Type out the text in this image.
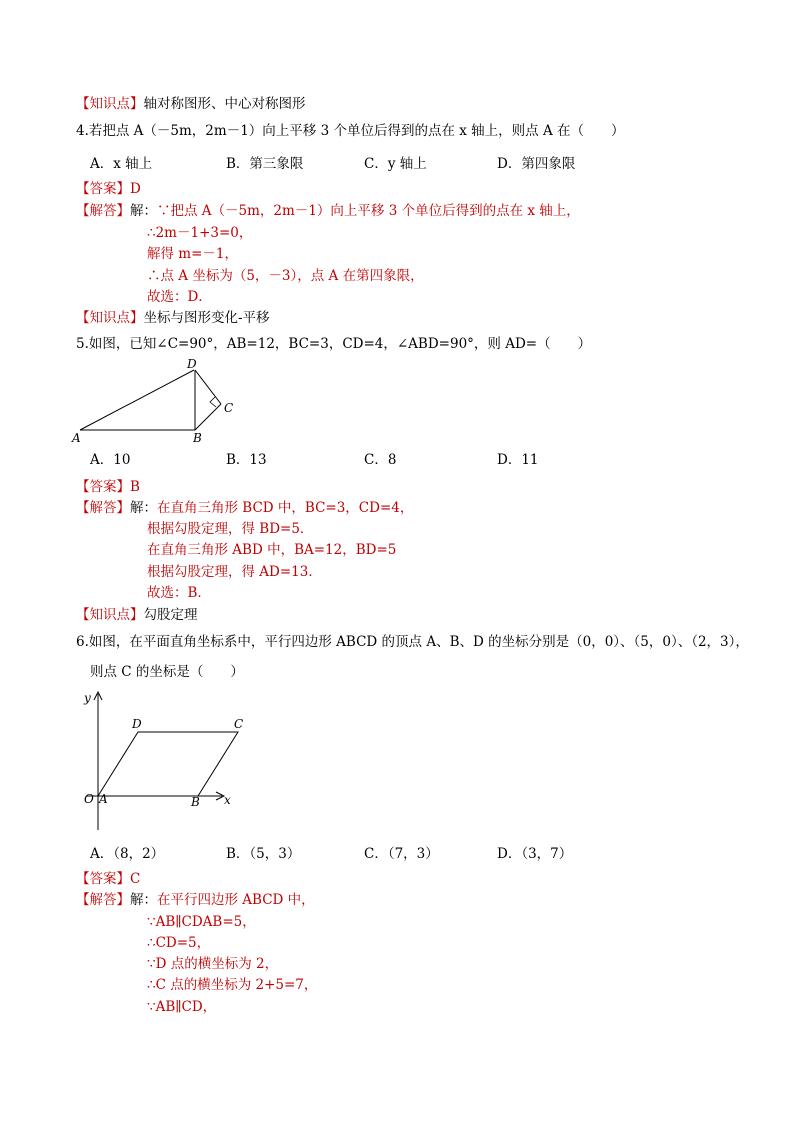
【知识点】轴对称图形、中心对称图形
4.若把点 A（－5m，2m－1）向上平移 3 个单位后得到的点在 x 轴上，则点 A 在（　　）
A．x 轴上	B．第三象限	C．y 轴上	D．第四象限
【答案】D
【解答】解：∵把点 A（－5m，2m－1）向上平移 3 个单位后得到的点在 x 轴上，
∴2m－1+3=0，
解得 m=－1，
∴点 A 坐标为（5，－3），点 A 在第四象限，
故选：D．
【知识点】坐标与图形变化-平移
5.如图，已知∠C=90°，AB=12，BC=3，CD=4，∠ABD=90°，则 AD=（　　）
D
C
A	B
A．10	B．13	C．8	D．11
【答案】B
【解答】解：在直角三角形 BCD 中，BC=3，CD=4，
根据勾股定理，得 BD=5．
在直角三角形 ABD 中，BA=12，BD=5
根据勾股定理，得 AD=13．
故选：B．
【知识点】勾股定理
6.如图，在平面直角坐标系中，平行四边形 ABCD 的顶点 A、B、D 的坐标分别是（0，0）、（5，0）、（2，3），
则点 C 的坐标是（　　）
y
x
O A	B
C
D
A．（8，2）	B．（5，3）	C．（7，3）	D．（3，7）
【答案】C
【解答】解：在平行四边形 ABCD 中，
∵AB∥CDAB=5，
∴CD=5，
∵D 点的横坐标为 2，
∴C 点的横坐标为 2+5=7，
∵AB∥CD，
